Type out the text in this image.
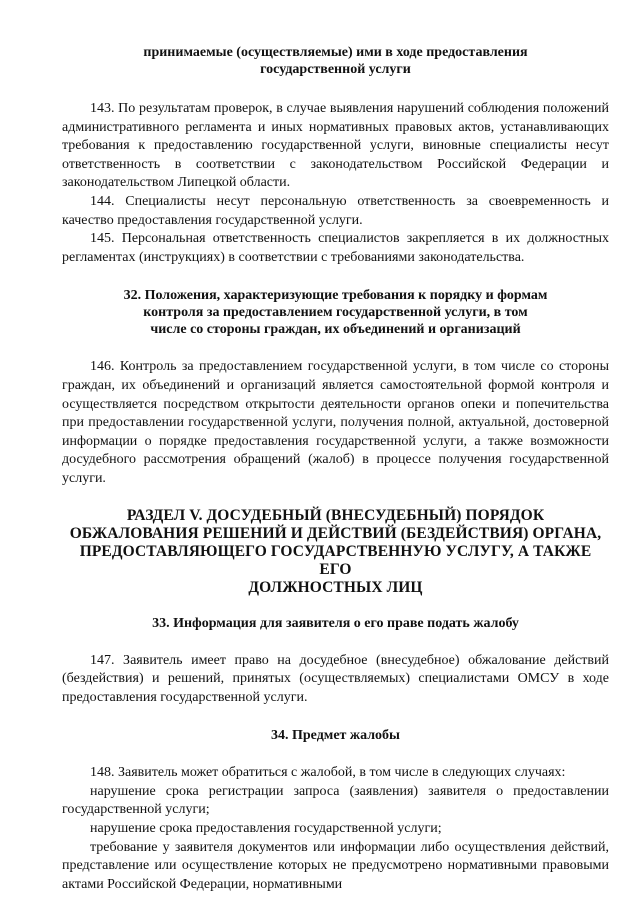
принимаемые (осуществляемые) ими в ходе предоставления
государственной услуги

143. По результатам проверок, в случае выявления нарушений соблюдения положений административного регламента и иных нормативных правовых актов, устанавливающих требования к предоставлению государственной услуги, виновные специалисты несут ответственность в соответствии с законодательством Российской Федерации и законодательством Липецкой области.

144. Специалисты несут персональную ответственность за своевременность и качество предоставления государственной услуги.

145. Персональная ответственность специалистов закрепляется в их должностных регламентах (инструкциях) в соответствии с требованиями законодательства.

32. Положения, характеризующие требования к порядку и формам
контроля за предоставлением государственной услуги, в том
числе со стороны граждан, их объединений и организаций

146. Контроль за предоставлением государственной услуги, в том числе со стороны граждан, их объединений и организаций является самостоятельной формой контроля и осуществляется посредством открытости деятельности органов опеки и попечительства при предоставлении государственной услуги, получения полной, актуальной, достоверной информации о порядке предоставления государственной услуги, а также возможности досудебного рассмотрения обращений (жалоб) в процессе получения государственной услуги.

РАЗДЕЛ V. ДОСУДЕБНЫЙ (ВНЕСУДЕБНЫЙ) ПОРЯДОК
ОБЖАЛОВАНИЯ РЕШЕНИЙ И ДЕЙСТВИЙ (БЕЗДЕЙСТВИЯ) ОРГАНА,
ПРЕДОСТАВЛЯЮЩЕГО ГОСУДАРСТВЕННУЮ УСЛУГУ, А ТАКЖЕ ЕГО
ДОЛЖНОСТНЫХ ЛИЦ
33. Информация для заявителя о его праве подать жалобу

147. Заявитель имеет право на досудебное (внесудебное) обжалование действий (бездействия) и решений, принятых (осуществляемых) специалистами ОМСУ в ходе предоставления государственной услуги.

34. Предмет жалобы

148. Заявитель может обратиться с жалобой, в том числе в следующих случаях:

нарушение срока регистрации запроса (заявления) заявителя о предоставлении государственной услуги;

нарушение срока предоставления государственной услуги;

требование у заявителя документов или информации либо осуществления действий, представление или осуществление которых не предусмотрено нормативными правовыми актами Российской Федерации, нормативными
